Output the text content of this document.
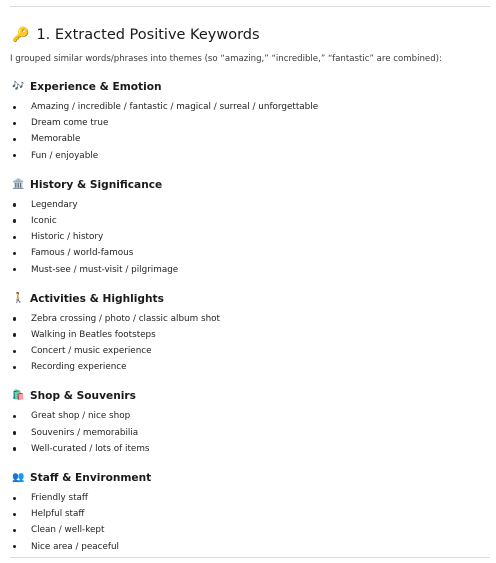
🔑 1. Extracted Positive Keywords

I grouped similar words/phrases into themes (so “amazing,” “incredible,” “fantastic” are combined):

🎶 Experience & Emotion
Amazing / incredible / fantastic / magical / surreal / unforgettable
Dream come true
Memorable
Fun / enjoyable
🏛️ History & Significance
Legendary
Iconic
Historic / history
Famous / world-famous
Must-see / must-visit / pilgrimage
🚶 Activities & Highlights
Zebra crossing / photo / classic album shot
Walking in Beatles footsteps
Concert / music experience
Recording experience
🛍️ Shop & Souvenirs
Great shop / nice shop
Souvenirs / memorabilia
Well-curated / lots of items
👥 Staff & Environment
Friendly staff
Helpful staff
Clean / well-kept
Nice area / peaceful
